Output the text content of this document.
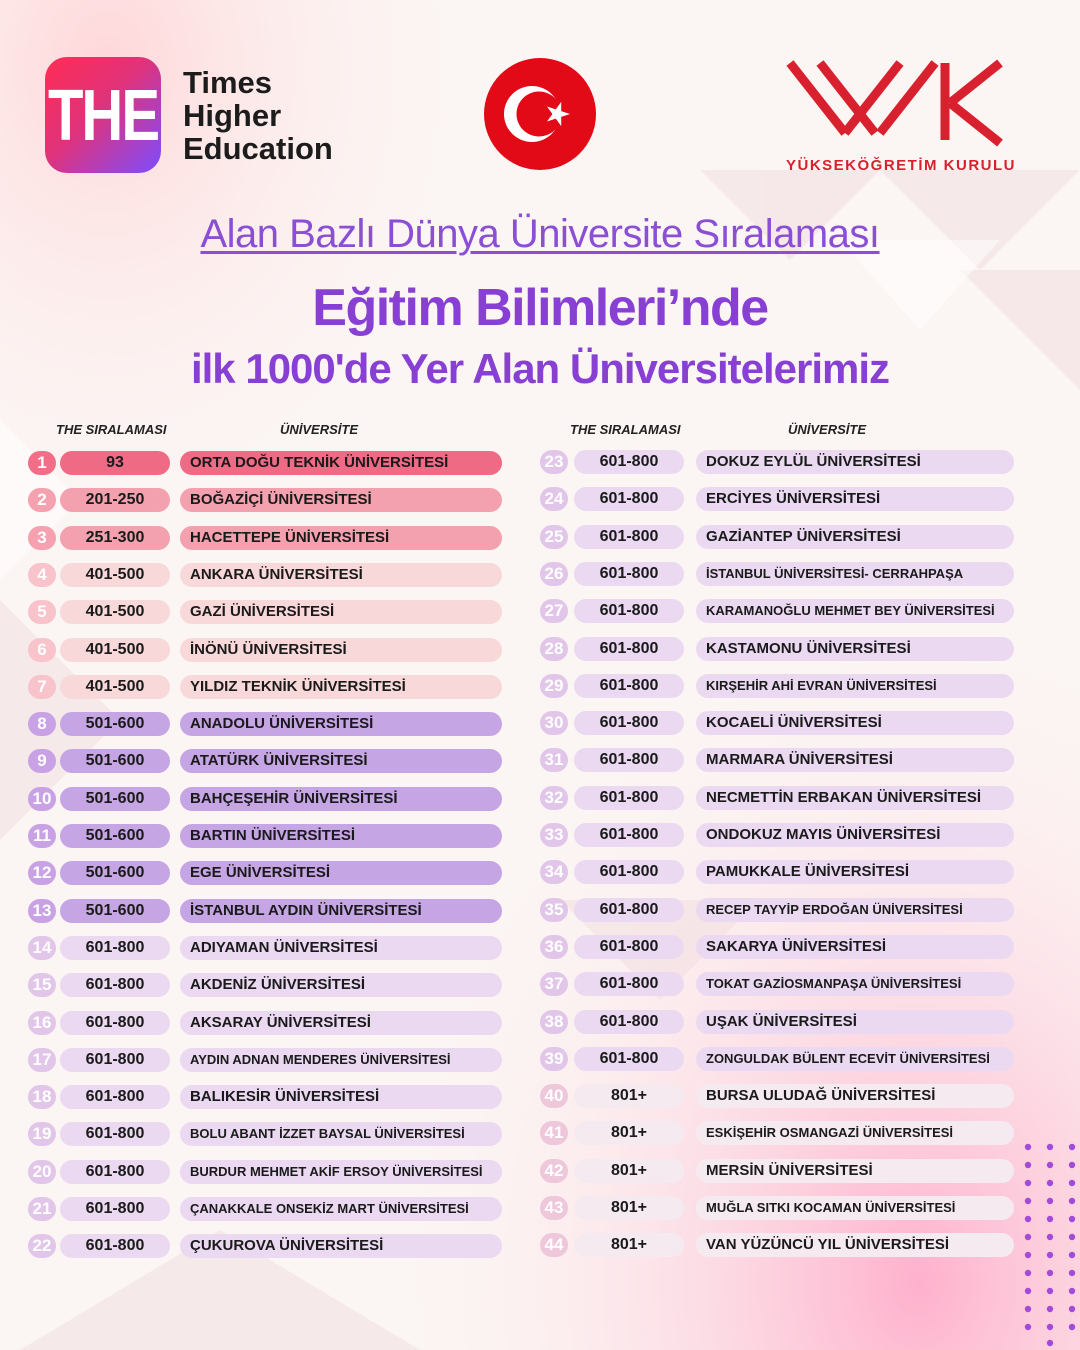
THE Times
Higher
Education	YÜKSEKÖĞRETİM KURULU
Alan Bazlı Dünya Üniversite Sıralaması
Eğitim Bilimleri’nde
ilk 1000'de Yer Alan Üniversitelerimiz
THE SIRALAMASI	ÜNİVERSİTE	THE SIRALAMASI	ÜNİVERSİTE
1	93	ORTA DOĞU TEKNİK ÜNİVERSİTESİ
2	201-250	BOĞAZİÇİ ÜNİVERSİTESİ
3	251-300	HACETTEPE ÜNİVERSİTESİ
4	401-500	ANKARA ÜNİVERSİTESİ
5	401-500	GAZİ ÜNİVERSİTESİ
6	401-500	İNÖNÜ ÜNİVERSİTESİ
7	401-500	YILDIZ TEKNİK ÜNİVERSİTESİ
8	501-600	ANADOLU ÜNİVERSİTESİ
9	501-600	ATATÜRK ÜNİVERSİTESİ
10	501-600	BAHÇEŞEHİR ÜNİVERSİTESİ
11	501-600	BARTIN ÜNİVERSİTESİ
12	501-600	EGE ÜNİVERSİTESİ
13	501-600	İSTANBUL AYDIN ÜNİVERSİTESİ
14	601-800	ADIYAMAN ÜNİVERSİTESİ
15	601-800	AKDENİZ ÜNİVERSİTESİ
16	601-800	AKSARAY ÜNİVERSİTESİ
17	601-800	AYDIN ADNAN MENDERES ÜNİVERSİTESİ
18	601-800	BALIKESİR ÜNİVERSİTESİ
19	601-800	BOLU ABANT İZZET BAYSAL ÜNİVERSİTESİ
20	601-800	BURDUR MEHMET AKİF ERSOY ÜNİVERSİTESİ
21	601-800	ÇANAKKALE ONSEKİZ MART ÜNİVERSİTESİ
22	601-800	ÇUKUROVA ÜNİVERSİTESİ
23	601-800	DOKUZ EYLÜL ÜNİVERSİTESİ
24	601-800	ERCİYES ÜNİVERSİTESİ
25	601-800	GAZİANTEP ÜNİVERSİTESİ
26	601-800	İSTANBUL ÜNİVERSİTESİ- CERRAHPAŞA
27	601-800	KARAMANOĞLU MEHMET BEY ÜNİVERSİTESİ
28	601-800	KASTAMONU ÜNİVERSİTESİ
29	601-800	KIRŞEHİR AHİ EVRAN ÜNİVERSİTESİ
30	601-800	KOCAELİ ÜNİVERSİTESİ
31	601-800	MARMARA ÜNİVERSİTESİ
32	601-800	NECMETTİN ERBAKAN ÜNİVERSİTESİ
33	601-800	ONDOKUZ MAYIS ÜNİVERSİTESİ
34	601-800	PAMUKKALE ÜNİVERSİTESİ
35	601-800	RECEP TAYYİP ERDOĞAN ÜNİVERSİTESİ
36	601-800	SAKARYA ÜNİVERSİTESİ
37	601-800	TOKAT GAZİOSMANPAŞA ÜNİVERSİTESİ
38	601-800	UŞAK ÜNİVERSİTESİ
39	601-800	ZONGULDAK BÜLENT ECEVİT ÜNİVERSİTESİ
40	801+	BURSA ULUDAĞ ÜNİVERSİTESİ
41	801+	ESKİŞEHİR OSMANGAZİ ÜNİVERSİTESİ
42	801+	MERSİN ÜNİVERSİTESİ
43	801+	MUĞLA SITKI KOCAMAN ÜNİVERSİTESİ
44	801+	VAN YÜZÜNCÜ YIL ÜNİVERSİTESİ
